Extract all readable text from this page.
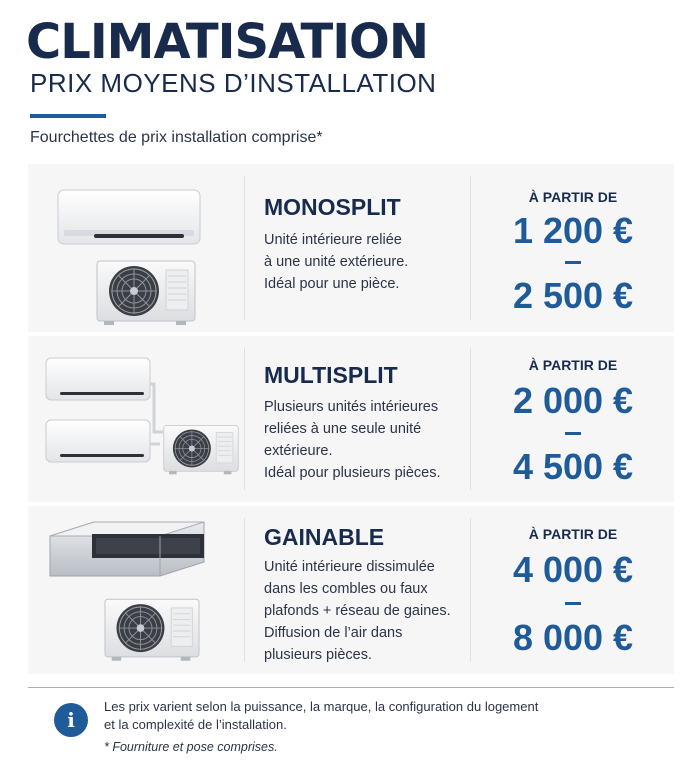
CLIMATISATION
PRIX MOYENS D’INSTALLATION
Fourchettes de prix installation comprise*
MONOSPLIT
Unité intérieure reliée
à une unité extérieure.
Idéal pour une pièce.
À PARTIR DE
1 200 €
2 500 €
MULTISPLIT
Plusieurs unités intérieures
reliées à une seule unité
extérieure.
Idéal pour plusieurs pièces.
À PARTIR DE
2 000 €
4 500 €
GAINABLE
Unité intérieure dissimulée
dans les combles ou faux
plafonds + réseau de gaines.
Diffusion de l’air dans
plusieurs pièces.
À PARTIR DE
4 000 €
8 000 €
i
Les prix varient selon la puissance, la marque, la configuration du logement
et la complexité de l’installation.
* Fourniture et pose comprises.
